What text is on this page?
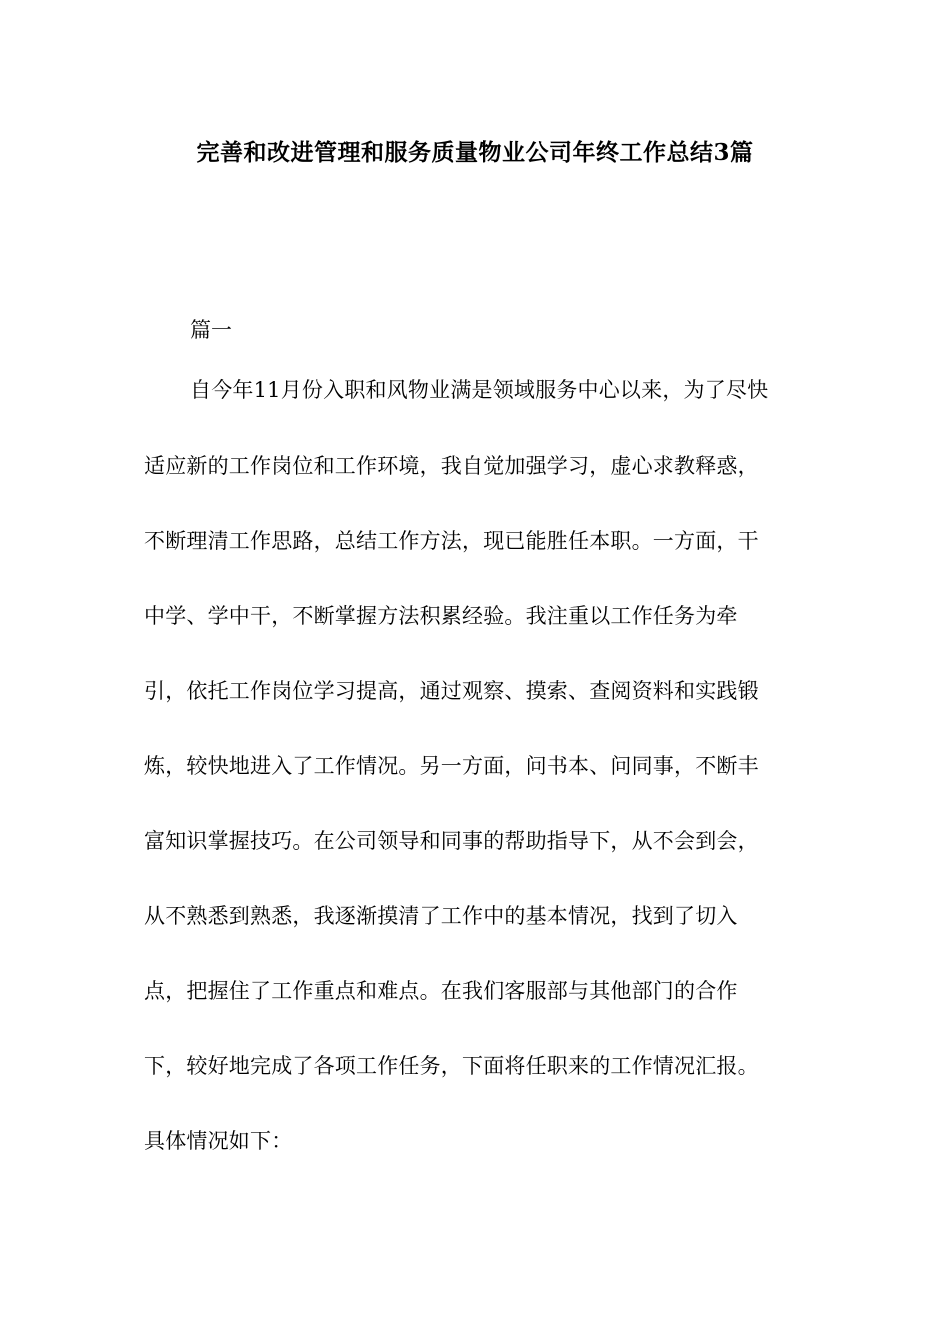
完善和改进管理和服务质量物业公司年终工作总结3篇

篇一

自今年11月份入职和风物业满是领域服务中心以来，为了尽快

适应新的工作岗位和工作环境，我自觉加强学习，虚心求教释惑，

不断理清工作思路，总结工作方法，现已能胜任本职。一方面，干

中学、学中干，不断掌握方法积累经验。我注重以工作任务为牵

引，依托工作岗位学习提高，通过观察、摸索、查阅资料和实践锻

炼，较快地进入了工作情况。另一方面，问书本、问同事，不断丰

富知识掌握技巧。在公司领导和同事的帮助指导下，从不会到会，

从不熟悉到熟悉，我逐渐摸清了工作中的基本情况，找到了切入

点，把握住了工作重点和难点。在我们客服部与其他部门的合作

下，较好地完成了各项工作任务，下面将任职来的工作情况汇报。

具体情况如下：
